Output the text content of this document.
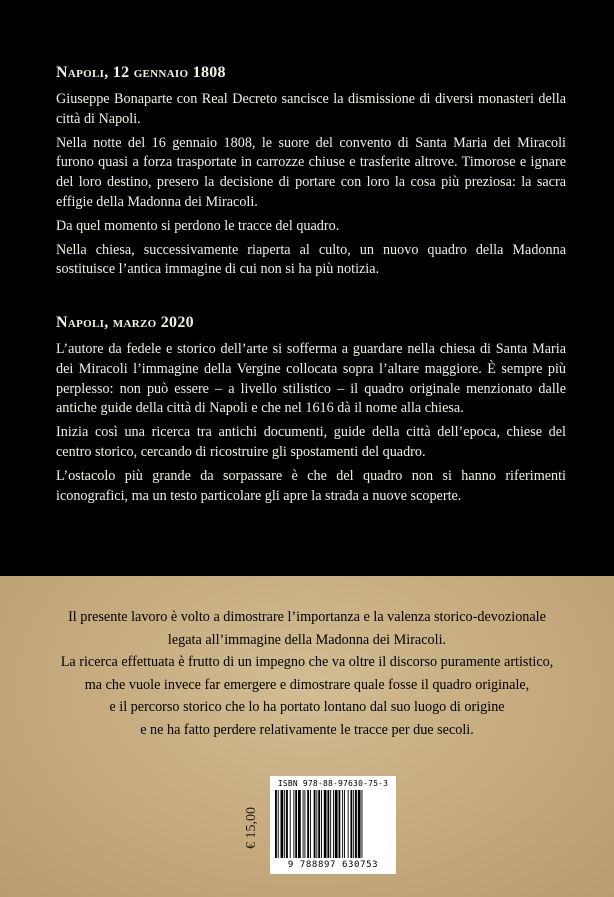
Napoli, 12 gennaio 1808

Giuseppe Bonaparte con Real Decreto sancisce la dismissione di diversi monasteri della città di Napoli.

Nella notte del 16 gennaio 1808, le suore del convento di Santa Maria dei Miracoli furono quasi a forza trasportate in carrozze chiuse e trasferite altrove. Timorose e ignare del loro destino, presero la decisione di portare con loro la cosa più preziosa: la sacra effigie della Madonna dei Miracoli.

Da quel momento si perdono le tracce del quadro.

Nella chiesa, successivamente riaperta al culto, un nuovo quadro della Madonna sostituisce l’antica immagine di cui non si ha più notizia.

Napoli, marzo 2020

L’autore da fedele e storico dell’arte si sofferma a guardare nella chiesa di Santa Maria dei Miracoli l’immagine della Vergine collocata sopra l’altare maggiore. È sempre più perplesso: non può essere – a livello stilistico – il quadro originale menzionato dalle antiche guide della città di Napoli e che nel 1616 dà il nome alla chiesa.

Inizia così una ricerca tra antichi documenti, guide della città dell’epoca, chiese del centro storico, cercando di ricostruire gli spostamenti del quadro.

L’ostacolo più grande da sorpassare è che del quadro non si hanno riferimenti iconografici, ma un testo particolare gli apre la strada a nuove scoperte.

Il presente lavoro è volto a dimostrare l’importanza e la valenza storico-devozionale
legata all’immagine della Madonna dei Miracoli.
La ricerca effettuata è frutto di un impegno che va oltre il discorso puramente artistico,
ma che vuole invece far emergere e dimostrare quale fosse il quadro originale,
e il percorso storico che lo ha portato lontano dal suo luogo di origine
e ne ha fatto perdere relativamente le tracce per due secoli.
€ 15,00
ISBN 978-88-97630-75-3
9 788897 630753
